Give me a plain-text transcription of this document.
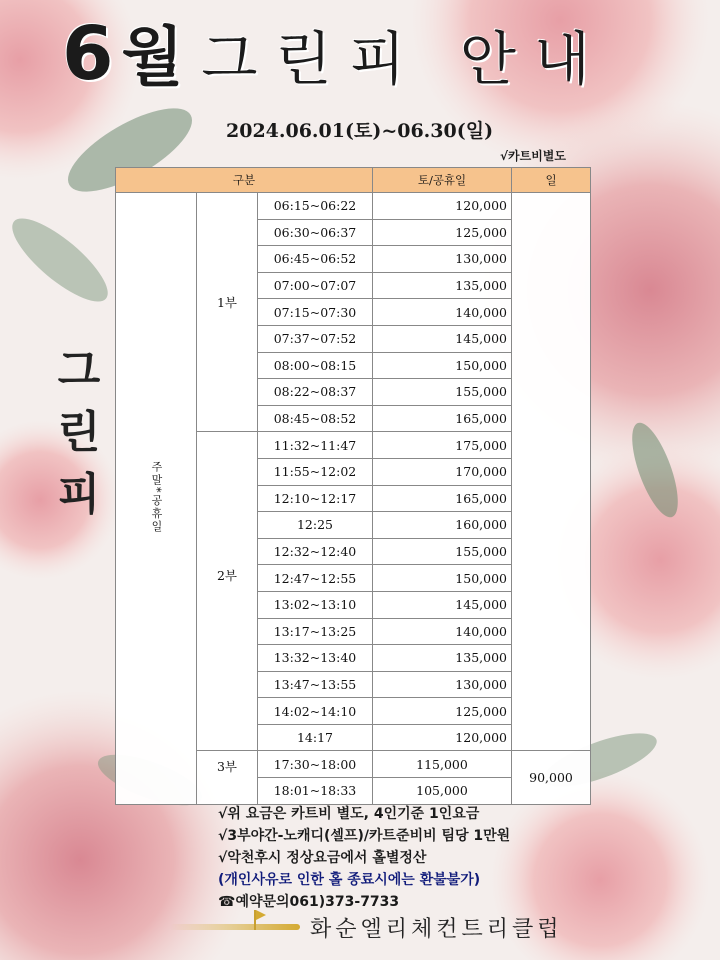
6월 그린피 안내
2024.06.01(토)~06.30(일)
√카트비별도
그
린
피
구분			토/공휴일	일
주말*공휴일	1부	06:15~06:22	120,000	
		06:30~06:37	125,000	
		06:45~06:52	130,000	
		07:00~07:07	135,000	
		07:15~07:30	140,000	
		07:37~07:52	145,000	
		08:00~08:15	150,000	
		08:22~08:37	155,000	
		08:45~08:52	165,000	
	2부	11:32~11:47	175,000	
		11:55~12:02	170,000	
		12:10~12:17	165,000	
		12:25	160,000	
		12:32~12:40	155,000	
		12:47~12:55	150,000	
		13:02~13:10	145,000	
		13:17~13:25	140,000	
		13:32~13:40	135,000	
		13:47~13:55	130,000	
		14:02~14:10	125,000	
		14:17	120,000	
	3부	17:30~18:00	115,000	90,000
		18:01~18:33	105,000	
√위 요금은 카트비 별도, 4인기준 1인요금
√3부야간-노캐디(셀프)/카트준비비 팀당 1만원
√악천후시 정상요금에서 홀별정산
(개인사유로 인한 홀 종료시에는 환불불가)
☎예약문의061)373-7733
화순엘리체컨트리클럽
